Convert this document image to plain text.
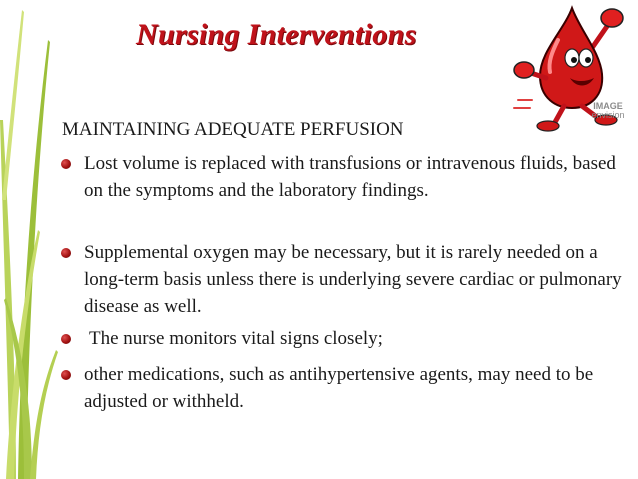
Nursing Interventions
IMAGE
envision
MAINTAINING ADEQUATE PERFUSION
Lost volume is replaced with transfusions or intravenous fluids, based on the symptoms and the laboratory findings.
Supplemental oxygen may be necessary, but it is rarely needed on a long-term basis unless there is underlying severe cardiac or pulmonary disease as well.
The nurse monitors vital signs closely;
other medications, such as antihypertensive agents, may need to be adjusted or withheld.
